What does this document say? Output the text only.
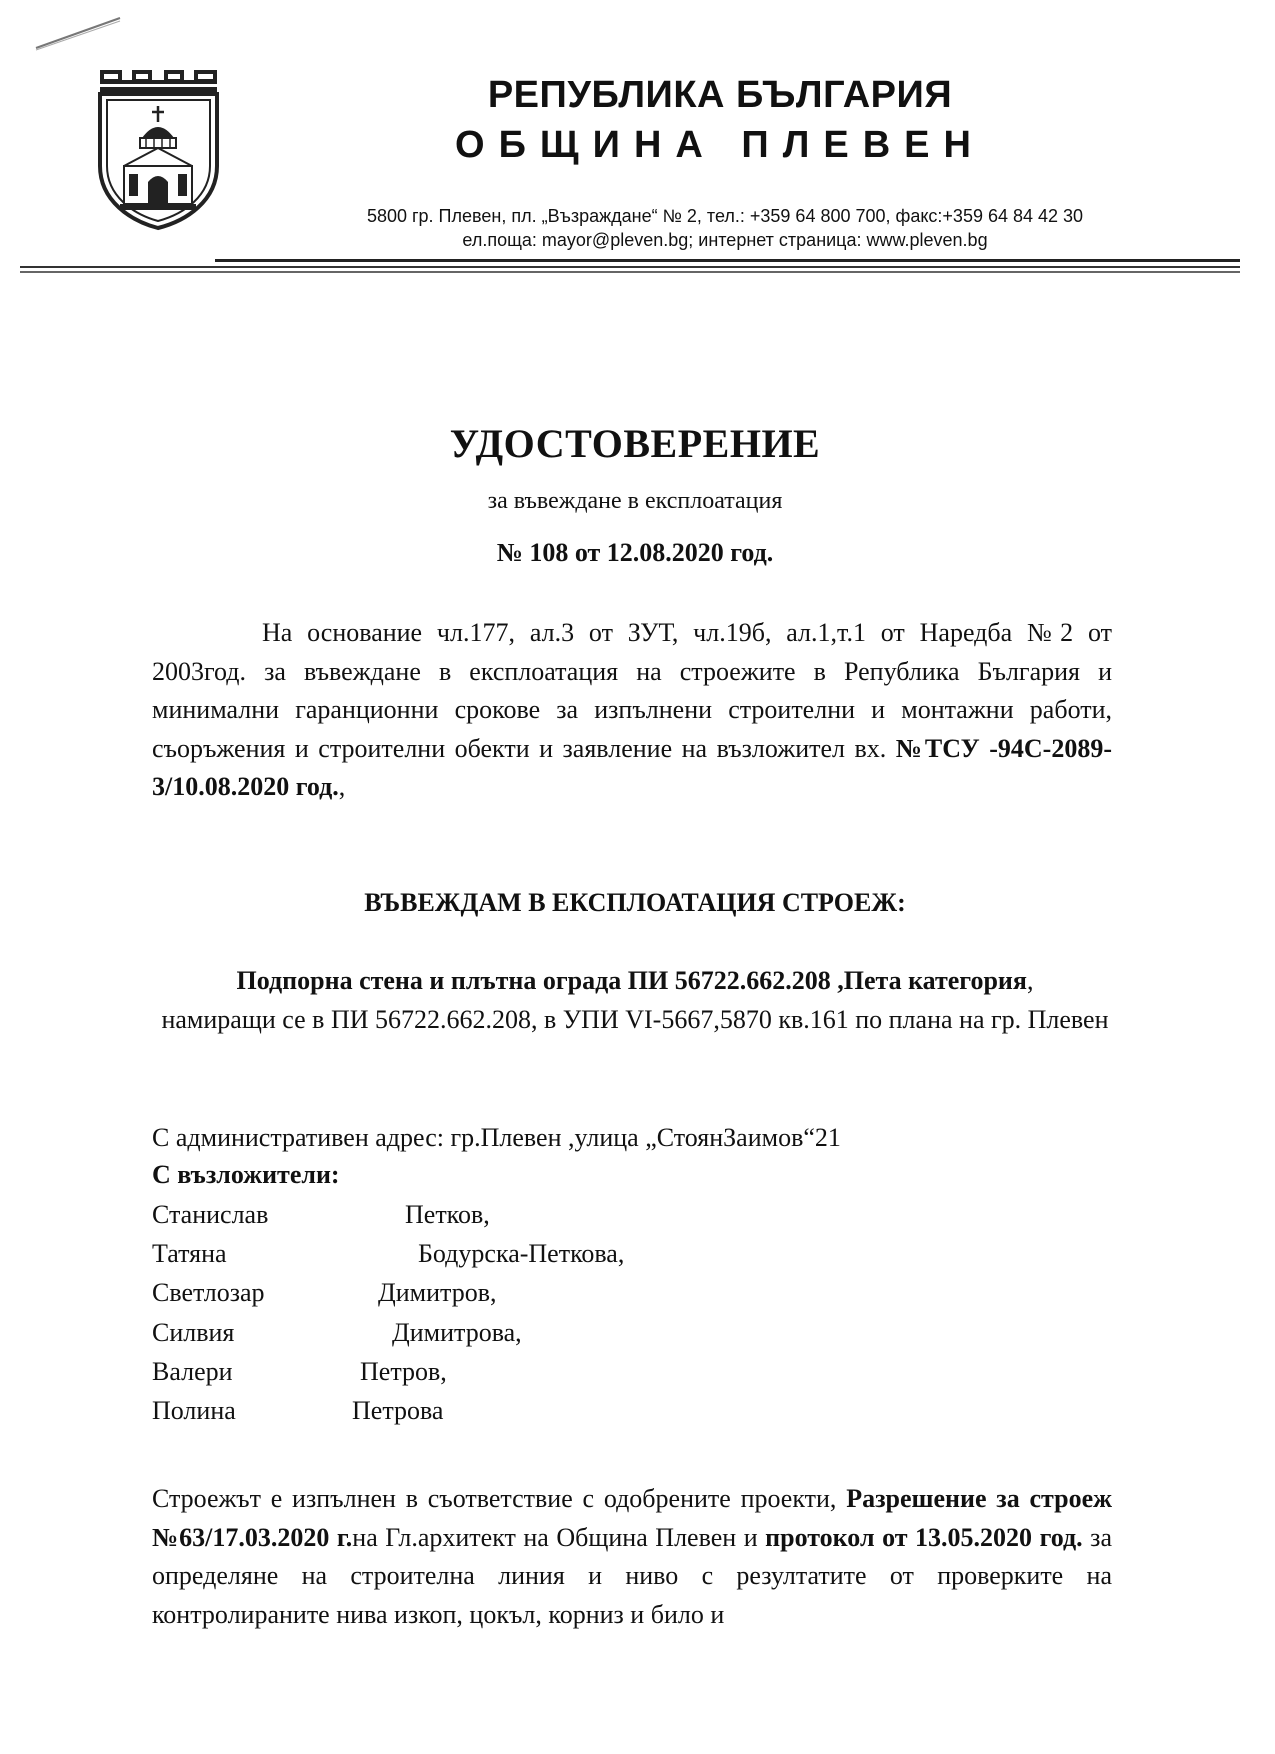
РЕПУБЛИКА БЪЛГАРИЯ
ОБЩИНА ПЛЕВЕН
5800 гр. Плевен, пл. „Възраждане“ № 2, тел.: +359 64 800 700, факс:+359 64 84 42 30
ел.поща: mayor@pleven.bg; интернет страница: www.pleven.bg
УДОСТОВЕРЕНИЕ
за въвеждане в експлоатация
№ 108 от 12.08.2020 год.
На основание чл.177, ал.3 от ЗУТ, чл.19б, ал.1,т.1 от Наредба №2 от 2003год. за въвеждане в експлоатация на строежите в Република България и минимални гаранционни срокове за изпълнени строителни и монтажни работи, съоръжения и строителни обекти и заявление на възложител вх. №ТСУ -94С-2089-3/10.08.2020 год.,
ВЪВЕЖДАМ В ЕКСПЛОАТАЦИЯ СТРОЕЖ:
Подпорна стена и плътна ограда ПИ 56722.662.208 ,Пета категория,
намиращи се в ПИ 56722.662.208, в УПИ VI-5667,5870 кв.161 по плана на гр. Плевен
С административен адрес: гр.Плевен ,улица „СтоянЗаимов“21
С възложители:
Станислав	Петков,
Татяна	Бодурска-Петкова,
Светлозар	Димитров,
Силвия	Димитрова,
Валери	Петров,
Полина	Петрова
Строежът е изпълнен в съответствие с одобрените проекти, Разрешение за строеж №63/17.03.2020 г.на Гл.архитект на Община Плевен и протокол от 13.05.2020 год. за определяне на строителна линия и ниво с резултатите от проверките на контролираните нива изкоп, цокъл, корниз и било и
